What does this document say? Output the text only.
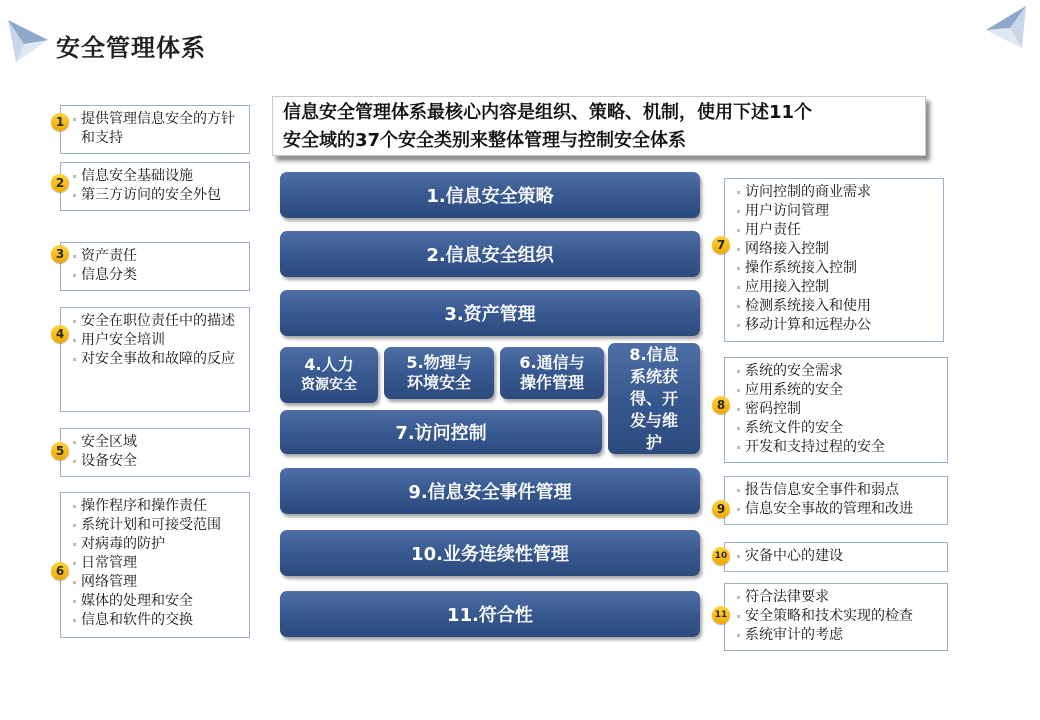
安全管理体系
信息安全管理体系最核心内容是组织、策略、机制，使用下述11个
安全域的37个安全类别来整体管理与控制安全体系
1.信息安全策略
2.信息安全组织
3.资产管理
4.人力
资源安全
5.物理与
环境安全
6.通信与
操作管理
7.访问控制
8.信息
系统获
得、开
发与维
护
9.信息安全事件管理
10.业务连续性管理
11.符合性
提供管理信息安全的方针和支持
1
信息安全基础设施
第三方访问的安全外包
2
资产责任
信息分类
3
安全在职位责任中的描述
用户安全培训
对安全事故和故障的反应
4
安全区域
设备安全
5
操作程序和操作责任
系统计划和可接受范围
对病毒的防护
日常管理
网络管理
媒体的处理和安全
信息和软件的交换
6
访问控制的商业需求
用户访问管理
用户责任
网络接入控制
操作系统接入控制
应用接入控制
检测系统接入和使用
移动计算和远程办公
7
系统的安全需求
应用系统的安全
密码控制
系统文件的安全
开发和支持过程的安全
8
报告信息安全事件和弱点
信息安全事故的管理和改进
9
灾备中心的建设
10
符合法律要求
安全策略和技术实现的检查
系统审计的考虑
11
